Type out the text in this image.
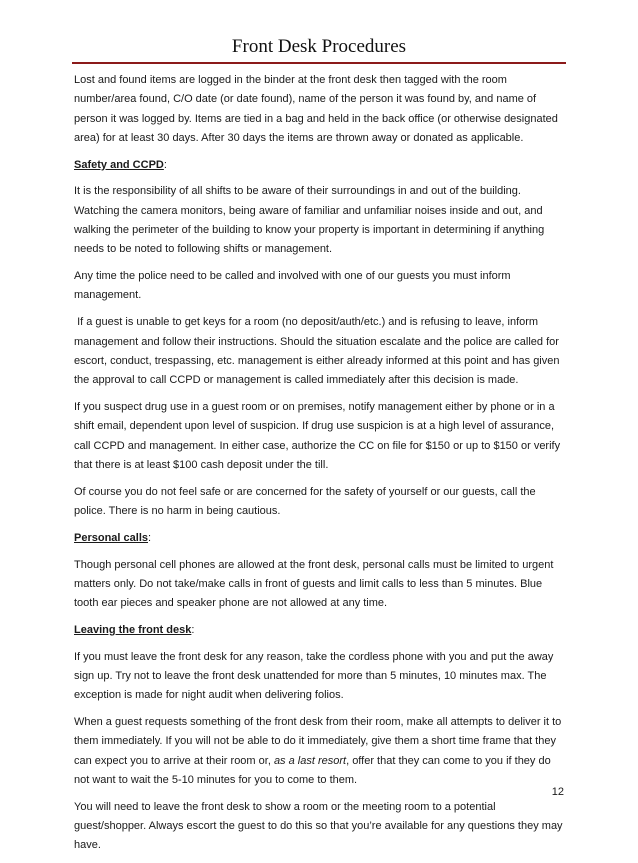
Front Desk Procedures

Lost and found items are logged in the binder at the front desk then tagged with the room number/area found, C/O date (or date found), name of the person it was found by, and name of person it was logged by. Items are tied in a bag and held in the back office (or otherwise designated area) for at least 30 days. After 30 days the items are thrown away or donated as applicable.

Safety and CCPD:

It is the responsibility of all shifts to be aware of their surroundings in and out of the building. Watching the camera monitors, being aware of familiar and unfamiliar noises inside and out, and walking the perimeter of the building to know your property is important in determining if anything needs to be noted to following shifts or management.

Any time the police need to be called and involved with one of our guests you must inform management.

If a guest is unable to get keys for a room (no deposit/auth/etc.) and is refusing to leave, inform management and follow their instructions. Should the situation escalate and the police are called for escort, conduct, trespassing, etc. management is either already informed at this point and has given the approval to call CCPD or management is called immediately after this decision is made.

If you suspect drug use in a guest room or on premises, notify management either by phone or in a shift email, dependent upon level of suspicion. If drug use suspicion is at a high level of assurance, call CCPD and management. In either case, authorize the CC on file for $150 or up to $150 or verify that there is at least $100 cash deposit under the till.

Of course you do not feel safe or are concerned for the safety of yourself or our guests, call the police. There is no harm in being cautious.

Personal calls:

Though personal cell phones are allowed at the front desk, personal calls must be limited to urgent matters only. Do not take/make calls in front of guests and limit calls to less than 5 minutes. Blue tooth ear pieces and speaker phone are not allowed at any time.

Leaving the front desk:

If you must leave the front desk for any reason, take the cordless phone with you and put the away sign up. Try not to leave the front desk unattended for more than 5 minutes, 10 minutes max. The exception is made for night audit when delivering folios.

When a guest requests something of the front desk from their room, make all attempts to deliver it to them immediately. If you will not be able to do it immediately, give them a short time frame that they can expect you to arrive at their room or, as a last resort, offer that they can come to you if they do not want to wait the 5-10 minutes for you to come to them.

You will need to leave the front desk to show a room or the meeting room to a potential guest/shopper. Always escort the guest to do this so that you’re available for any questions they may have.

12
